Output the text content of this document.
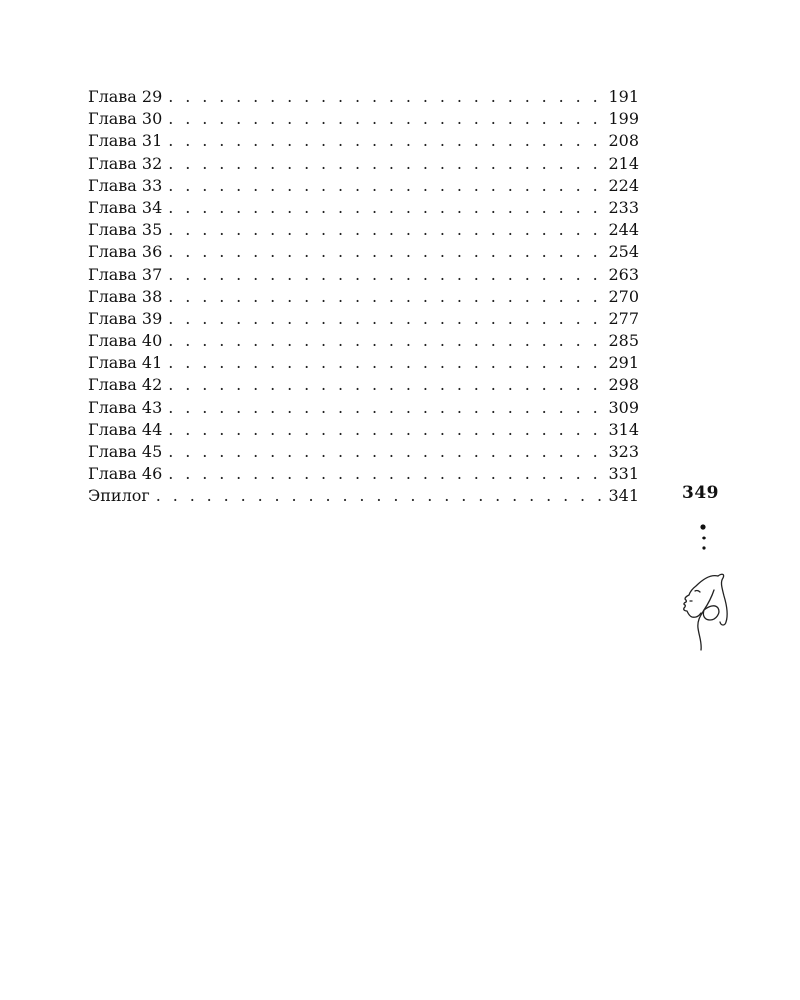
Глава 29 . . .	191
Глава 30 . . .	199
Глава 31 . . .	208
Глава 32 . . .	214
Глава 33 . . .	224
Глава 34 . . .	233
Глава 35 . . .	244
Глава 36 . . .	254
Глава 37 . . .	263
Глава 38 . . .	270
Глава 39 . . .	277
Глава 40 . . .	285
Глава 41 . . .	291
Глава 42 . . .	298
Глава 43 . . .	309
Глава 44 . . .	314
Глава 45 . . .	323
Глава 46 . . .	331
Эпилог . . .	341	349
